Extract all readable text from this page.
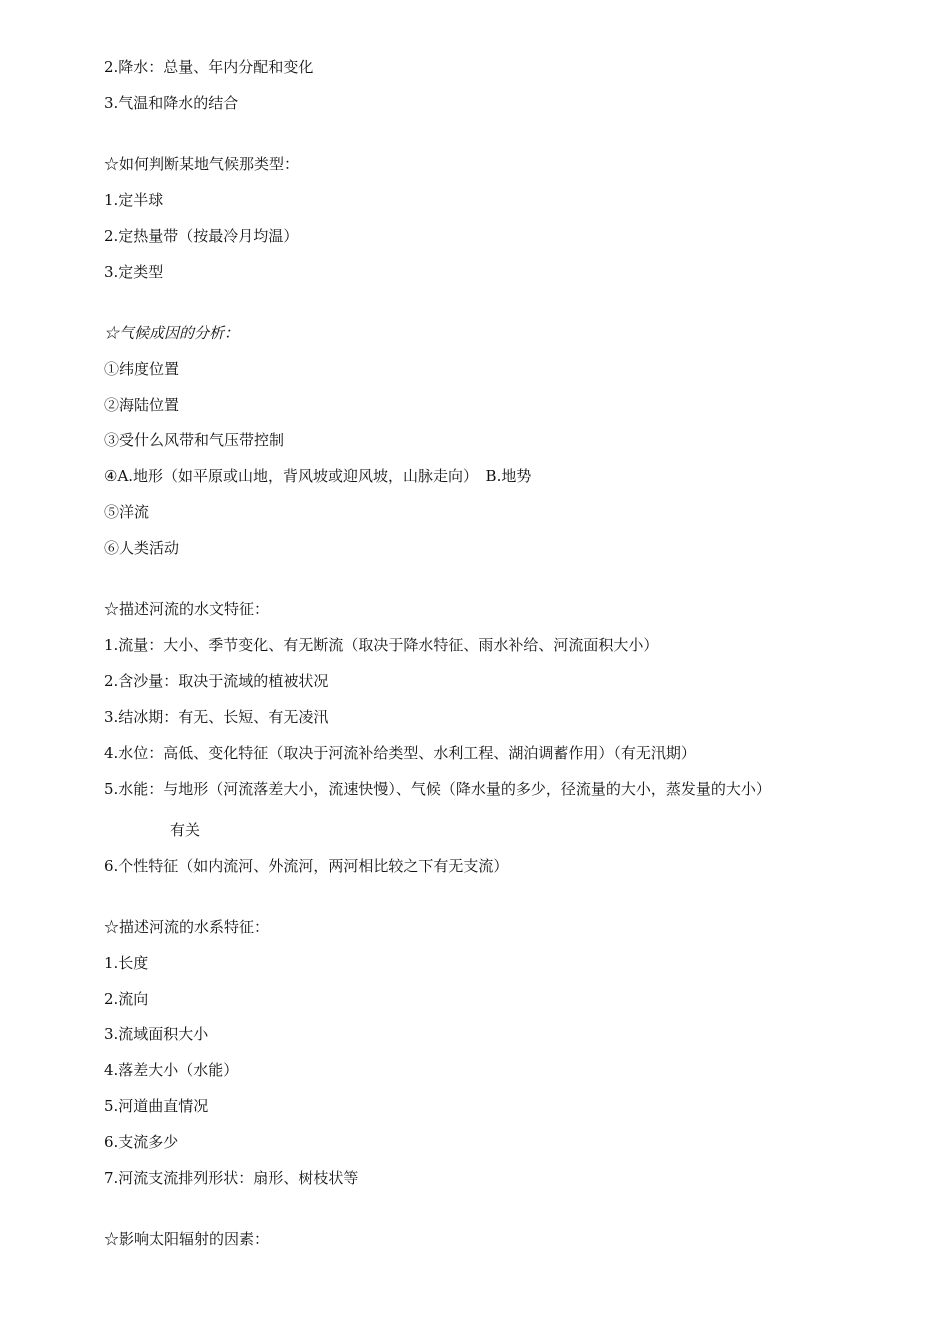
2.降水：总量、年内分配和变化
3.气温和降水的结合
☆如何判断某地气候那类型：
1.定半球
2.定热量带（按最冷月均温）
3.定类型
☆气候成因的分析：
①纬度位置
②海陆位置
③受什么风带和气压带控制
④A.地形（如平原或山地，背风坡或迎风坡，山脉走向）　B.地势
⑤洋流
⑥人类活动
☆描述河流的水文特征：
1.流量：大小、季节变化、有无断流（取决于降水特征、雨水补给、河流面积大小）
2.含沙量：取决于流域的植被状况
3.结冰期：有无、长短、有无凌汛
4.水位：高低、变化特征（取决于河流补给类型、水利工程、湖泊调蓄作用）（有无汛期）
5.水能：与地形（河流落差大小，流速快慢）、气候（降水量的多少，径流量的大小，蒸发量的大小）
有关
6.个性特征（如内流河、外流河，两河相比较之下有无支流）
☆描述河流的水系特征：
1.长度
2.流向
3.流域面积大小
4.落差大小（水能）
5.河道曲直情况
6.支流多少
7.河流支流排列形状：扇形、树枝状等
☆影响太阳辐射的因素：
